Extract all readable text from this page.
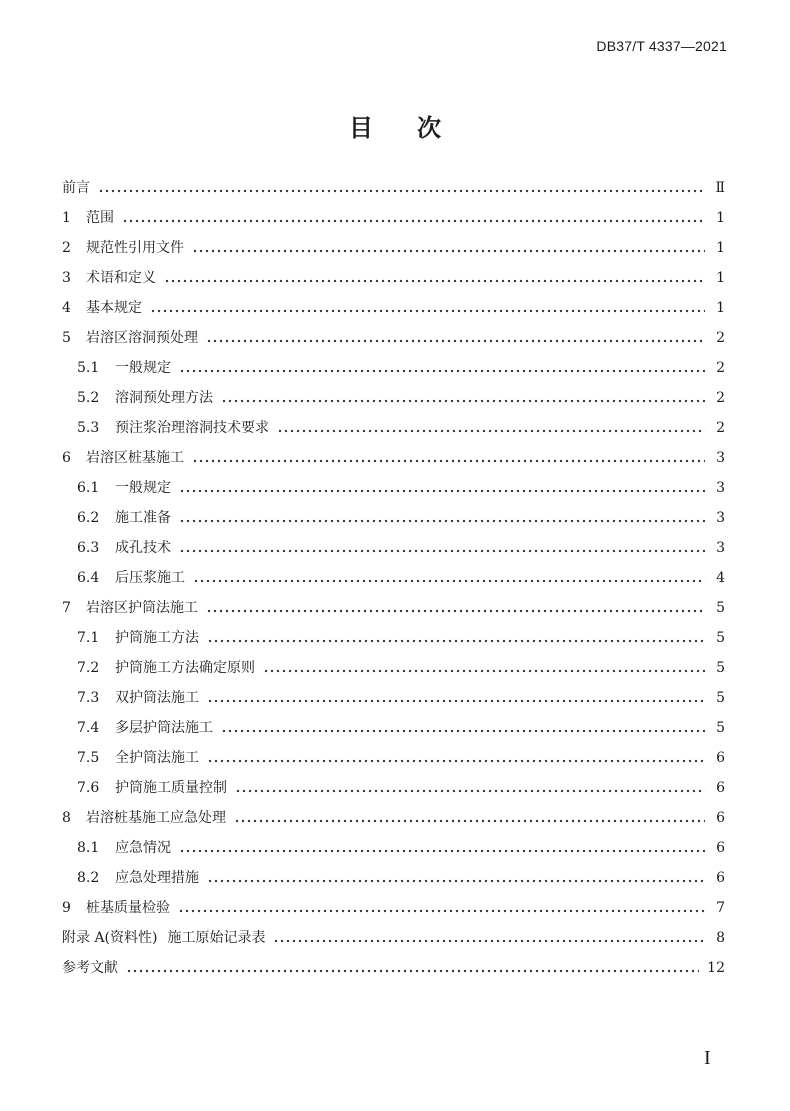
DB37/T 4337—2021
目次
前言	Ⅱ
1	范围	1
2	规范性引用文件	1
3	术语和定义	1
4	基本规定	1
5	岩溶区溶洞预处理	2
5.1	一般规定	2
5.2	溶洞预处理方法	2
5.3	预注浆治理溶洞技术要求	2
6	岩溶区桩基施工	3
6.1	一般规定	3
6.2	施工准备	3
6.3	成孔技术	3
6.4	后压浆施工	4
7	岩溶区护筒法施工	5
7.1	护筒施工方法	5
7.2	护筒施工方法确定原则	5
7.3	双护筒法施工	5
7.4	多层护筒法施工	5
7.5	全护筒法施工	6
7.6	护筒施工质量控制	6
8	岩溶桩基施工应急处理	6
8.1	应急情况	6
8.2	应急处理措施	6
9	桩基质量检验	7
附录 A(资料性) 施工原始记录表	8
参考文献	12
I
